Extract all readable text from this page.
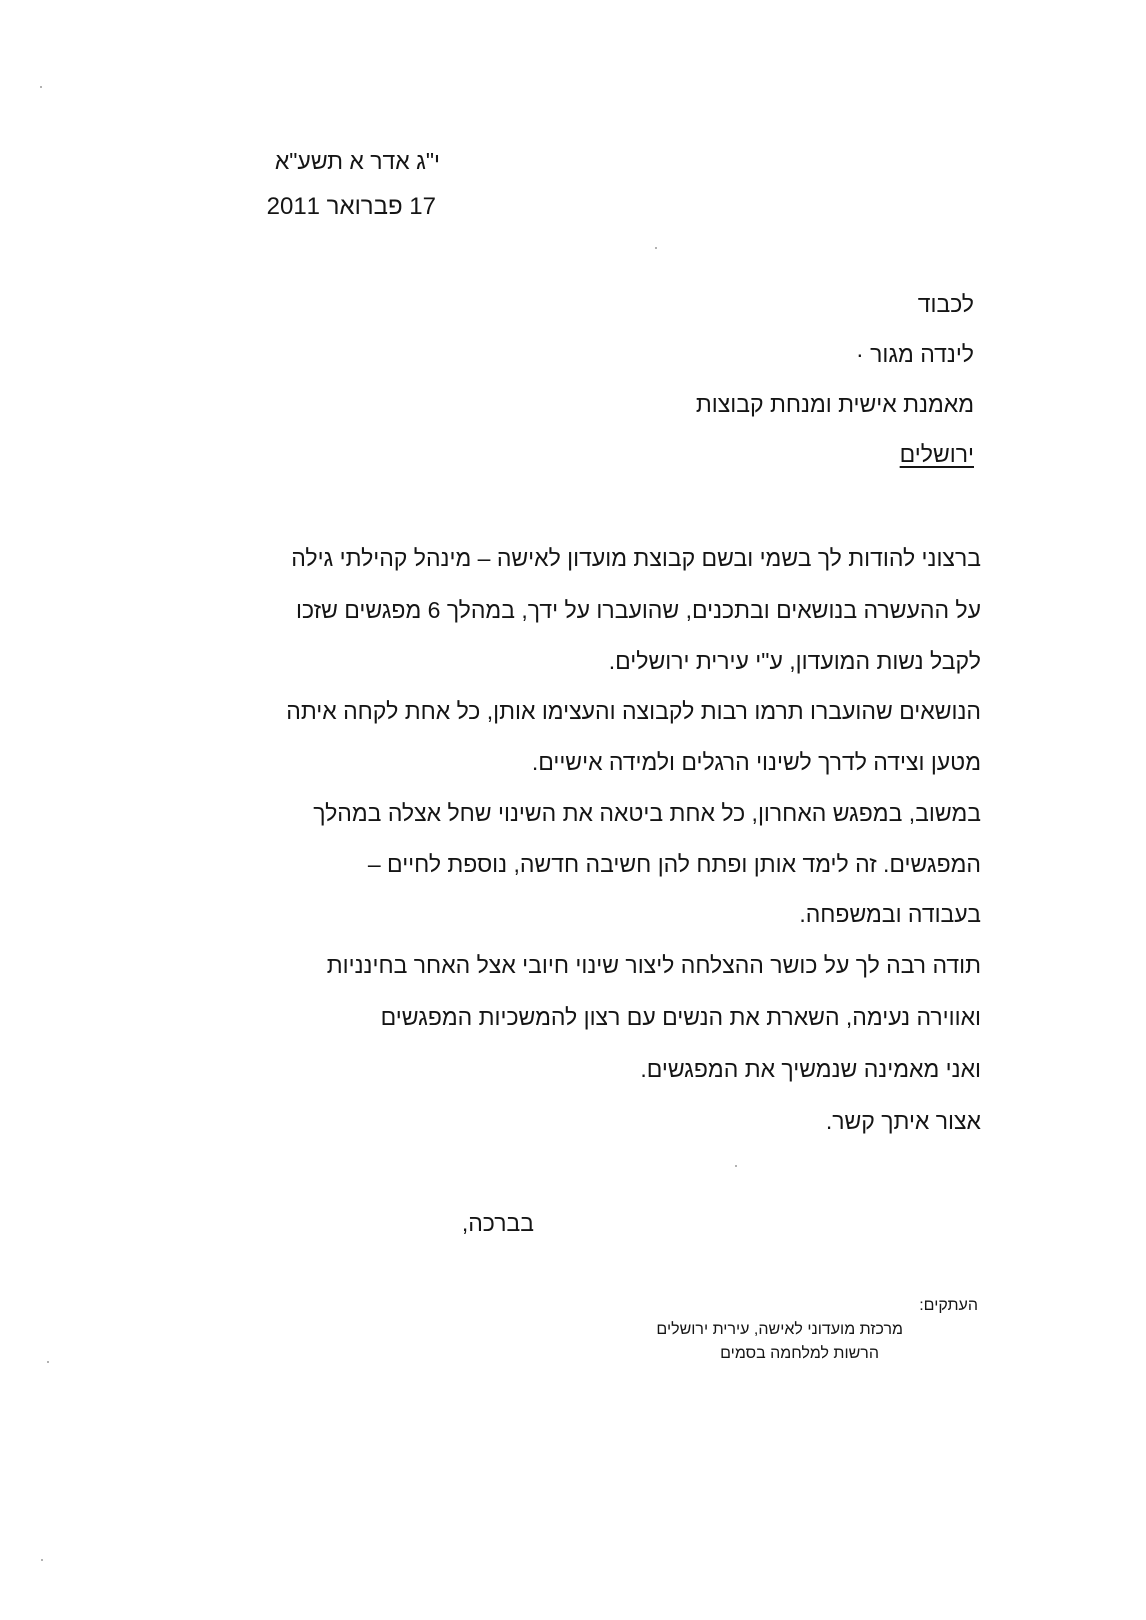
י"ג אדר א תשע"א
17 פברואר 2011
לכבוד
לינדה מגור ·
מאמנת אישית ומנחת קבוצות
ירושלים
ברצוני להודות לך בשמי ובשם קבוצת מועדון לאישה – מינהל קהילתי גילה
על ההעשרה בנושאים ובתכנים, שהועברו על ידך, במהלך 6 מפגשים שזכו
לקבל נשות המועדון, ע"י עירית ירושלים.
הנושאים שהועברו תרמו רבות לקבוצה והעצימו אותן, כל אחת לקחה איתה
מטען וצידה לדרך לשינוי הרגלים ולמידה אישיים.
במשוב, במפגש האחרון, כל אחת ביטאה את השינוי שחל אצלה במהלך
המפגשים. זה לימד אותן ופתח להן חשיבה חדשה, נוספת לחיים –
בעבודה ובמשפחה.
תודה רבה לך על כושר ההצלחה ליצור שינוי חיובי אצל האחר בחינניות
ואווירה נעימה, השארת את הנשים עם רצון להמשכיות המפגשים
ואני מאמינה שנמשיך את המפגשים.
אצור איתך קשר.
בברכה,
העתקים:
מרכזת מועדוני לאישה, עירית ירושלים
הרשות למלחמה בסמים
